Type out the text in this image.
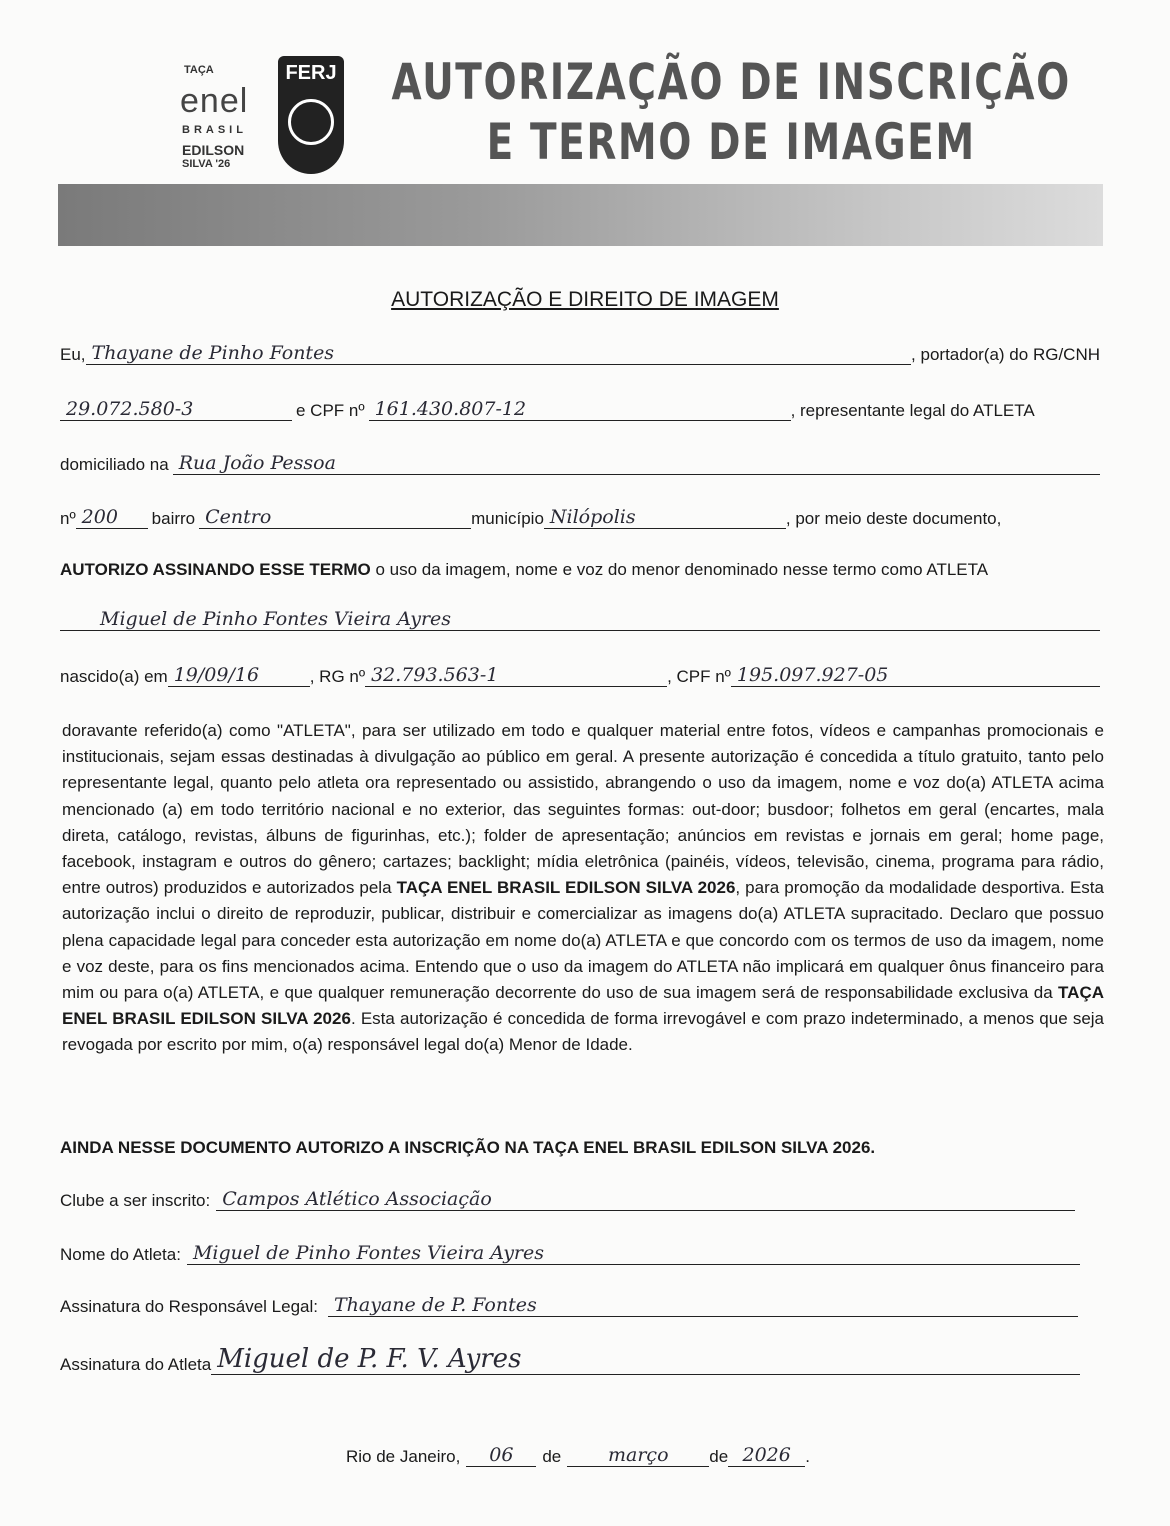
TAÇA
enel
BRASIL
EDILSON
SILVA '26
FERJ AUTORIZAÇÃO DE INSCRIÇÃO
E TERMO DE IMAGEM
AUTORIZAÇÃO E DIREITO DE IMAGEM
Eu, Thayane de Pinho Fontes	, portador(a) do RG/CNH
29.072.580-3	e CPF nº 161.430.807-12	, representante legal do ATLETA
domiciliado na Rua João Pessoa
nº 200	bairro Centro	município Nilópolis	, por meio deste documento,
AUTORIZO ASSINANDO ESSE TERMO o uso da imagem, nome e voz do menor denominado nesse termo como ATLETA
Miguel de Pinho Fontes Vieira Ayres
nascido(a) em 19/09/16	, RG nº 32.793.563-1	, CPF nº 195.097.927-05
doravante referido(a) como "ATLETA", para ser utilizado em todo e qualquer material entre fotos, vídeos e campanhas promocionais e institucionais, sejam essas destinadas à divulgação ao público em geral. A presente autorização é concedida a título gratuito, tanto pelo representante legal, quanto pelo atleta ora representado ou assistido, abrangendo o uso da imagem, nome e voz do(a) ATLETA acima mencionado (a) em todo território nacional e no exterior, das seguintes formas: out-door; busdoor; folhetos em geral (encartes, mala direta, catálogo, revistas, álbuns de figurinhas, etc.); folder de apresentação; anúncios em revistas e jornais em geral; home page, facebook, instagram e outros do gênero; cartazes; backlight; mídia eletrônica (painéis, vídeos, televisão, cinema, programa para rádio, entre outros) produzidos e autorizados pela TAÇA ENEL BRASIL EDILSON SILVA 2026, para promoção da modalidade desportiva. Esta autorização inclui o direito de reproduzir, publicar, distribuir e comercializar as imagens do(a) ATLETA supracitado. Declaro que possuo plena capacidade legal para conceder esta autorização em nome do(a) ATLETA e que concordo com os termos de uso da imagem, nome e voz deste, para os fins mencionados acima. Entendo que o uso da imagem do ATLETA não implicará em qualquer ônus financeiro para mim ou para o(a) ATLETA, e que qualquer remuneração decorrente do uso de sua imagem será de responsabilidade exclusiva da TAÇA ENEL BRASIL EDILSON SILVA 2026. Esta autorização é concedida de forma irrevogável e com prazo indeterminado, a menos que seja revogada por escrito por mim, o(a) responsável legal do(a) Menor de Idade.
AINDA NESSE DOCUMENTO AUTORIZO A INSCRIÇÃO NA TAÇA ENEL BRASIL EDILSON SILVA 2026.
Clube a ser inscrito: Campos Atlético Associação
Nome do Atleta: Miguel de Pinho Fontes Vieira Ayres
Assinatura do Responsável Legal: Thayane de P. Fontes
Assinatura do Atleta Miguel de P. F. V. Ayres
Rio de Janeiro,	06	de	março	de 2026 .
